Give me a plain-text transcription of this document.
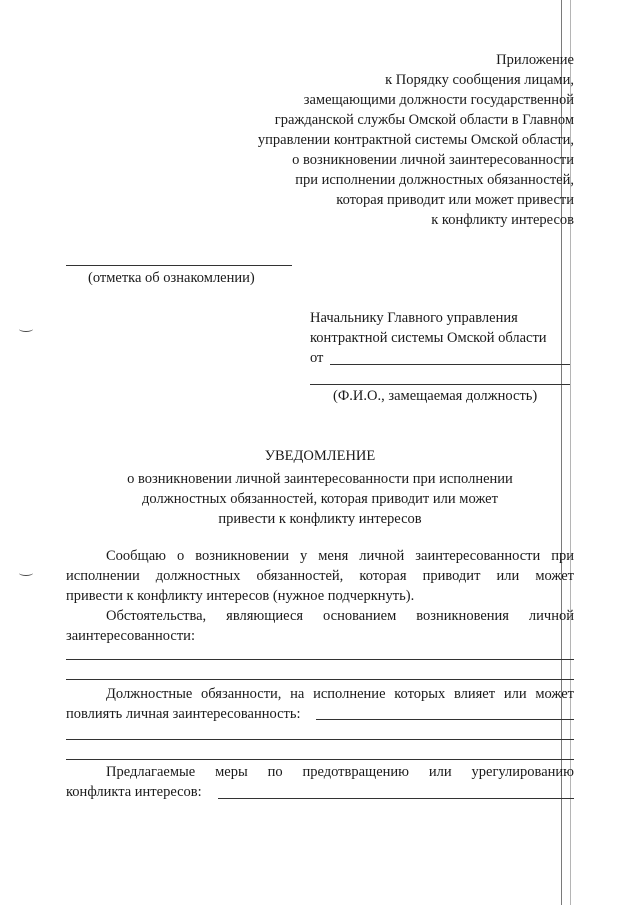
Приложение
к Порядку сообщения лицами,
замещающими должности государственной
гражданской службы Омской области в Главном
управлении контрактной системы Омской области,
о возникновении личной заинтересованности
при исполнении должностных обязанностей,
которая приводит или может привести
к конфликту интересов
(отметка об ознакомлении)
Начальнику Главного управления
контрактной системы Омской области
от
(Ф.И.О., замещаемая должность)
УВЕДОМЛЕНИЕ
о возникновении личной заинтересованности при исполнении
должностных обязанностей, которая приводит или может
привести к конфликту интересов
Сообщаю о возникновении у меня личной заинтересованности при
исполнении должностных обязанностей, которая приводит или может
привести к конфликту интересов (нужное подчеркнуть).
Обстоятельства, являющиеся основанием возникновения личной
заинтересованности:
Должностные обязанности, на исполнение которых влияет или может
повлиять личная заинтересованность:
Предлагаемые меры по предотвращению или урегулированию
конфликта интересов:
